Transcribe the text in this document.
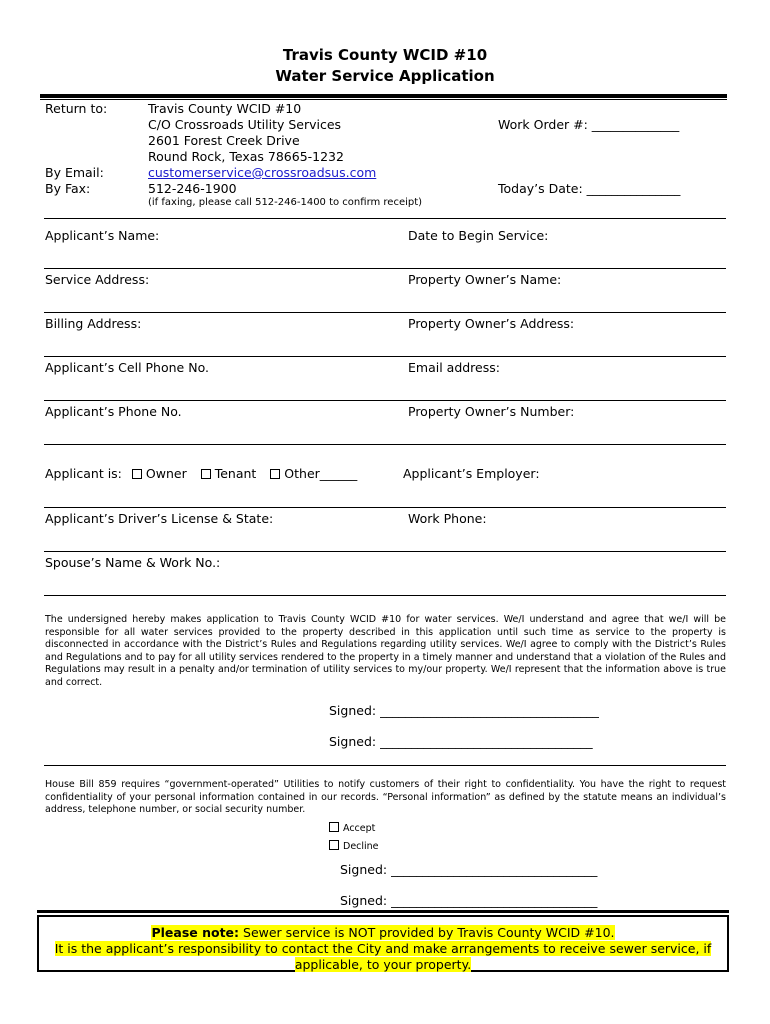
Travis County WCID #10
Water Service Application
Return to:	Travis County WCID #10
C/O Crossroads Utility Services
2601 Forest Creek Drive
Round Rock, Texas 78665-1232
By Email:	customerservice@crossroadsus.com
By Fax:	512-246-1900
(if faxing, please call 512-246-1400 to confirm receipt)
Work Order #: ______________
Today’s Date: _______________
Applicant’s Name:	Date to Begin Service:
Service Address:	Property Owner’s Name:
Billing Address:	Property Owner’s Address:
Applicant’s Cell Phone No.	Email address:
Applicant’s Phone No.	Property Owner’s Number:
Applicant is: Owner Tenant Other______	Applicant’s Employer:
Applicant’s Driver’s License & State:	Work Phone:
Spouse’s Name & Work No.:
The undersigned hereby makes application to Travis County WCID #10 for water services. We/I understand and agree that we/I will be responsible for all water services provided to the property described in this application until such time as service to the property is disconnected in accordance with the District’s Rules and Regulations regarding utility services. We/I agree to comply with the District’s Rules and Regulations and to pay for all utility services rendered to the property in a timely manner and understand that a violation of the Rules and Regulations may result in a penalty and/or termination of utility services to my/our property. We/I represent that the information above is true and correct.
Signed: ___________________________________
Signed: __________________________________
House Bill 859 requires “government-operated” Utilities to notify customers of their right to confidentiality. You have the right to request confidentiality of your personal information contained in our records. “Personal information” as defined by the statute means an individual’s address, telephone number, or social security number.
Accept
Decline
Signed: _________________________________
Signed: _________________________________
Please note: Sewer service is NOT provided by Travis County WCID #10.
It is the applicant’s responsibility to contact the City and make arrangements to receive sewer service, if
applicable, to your property.
